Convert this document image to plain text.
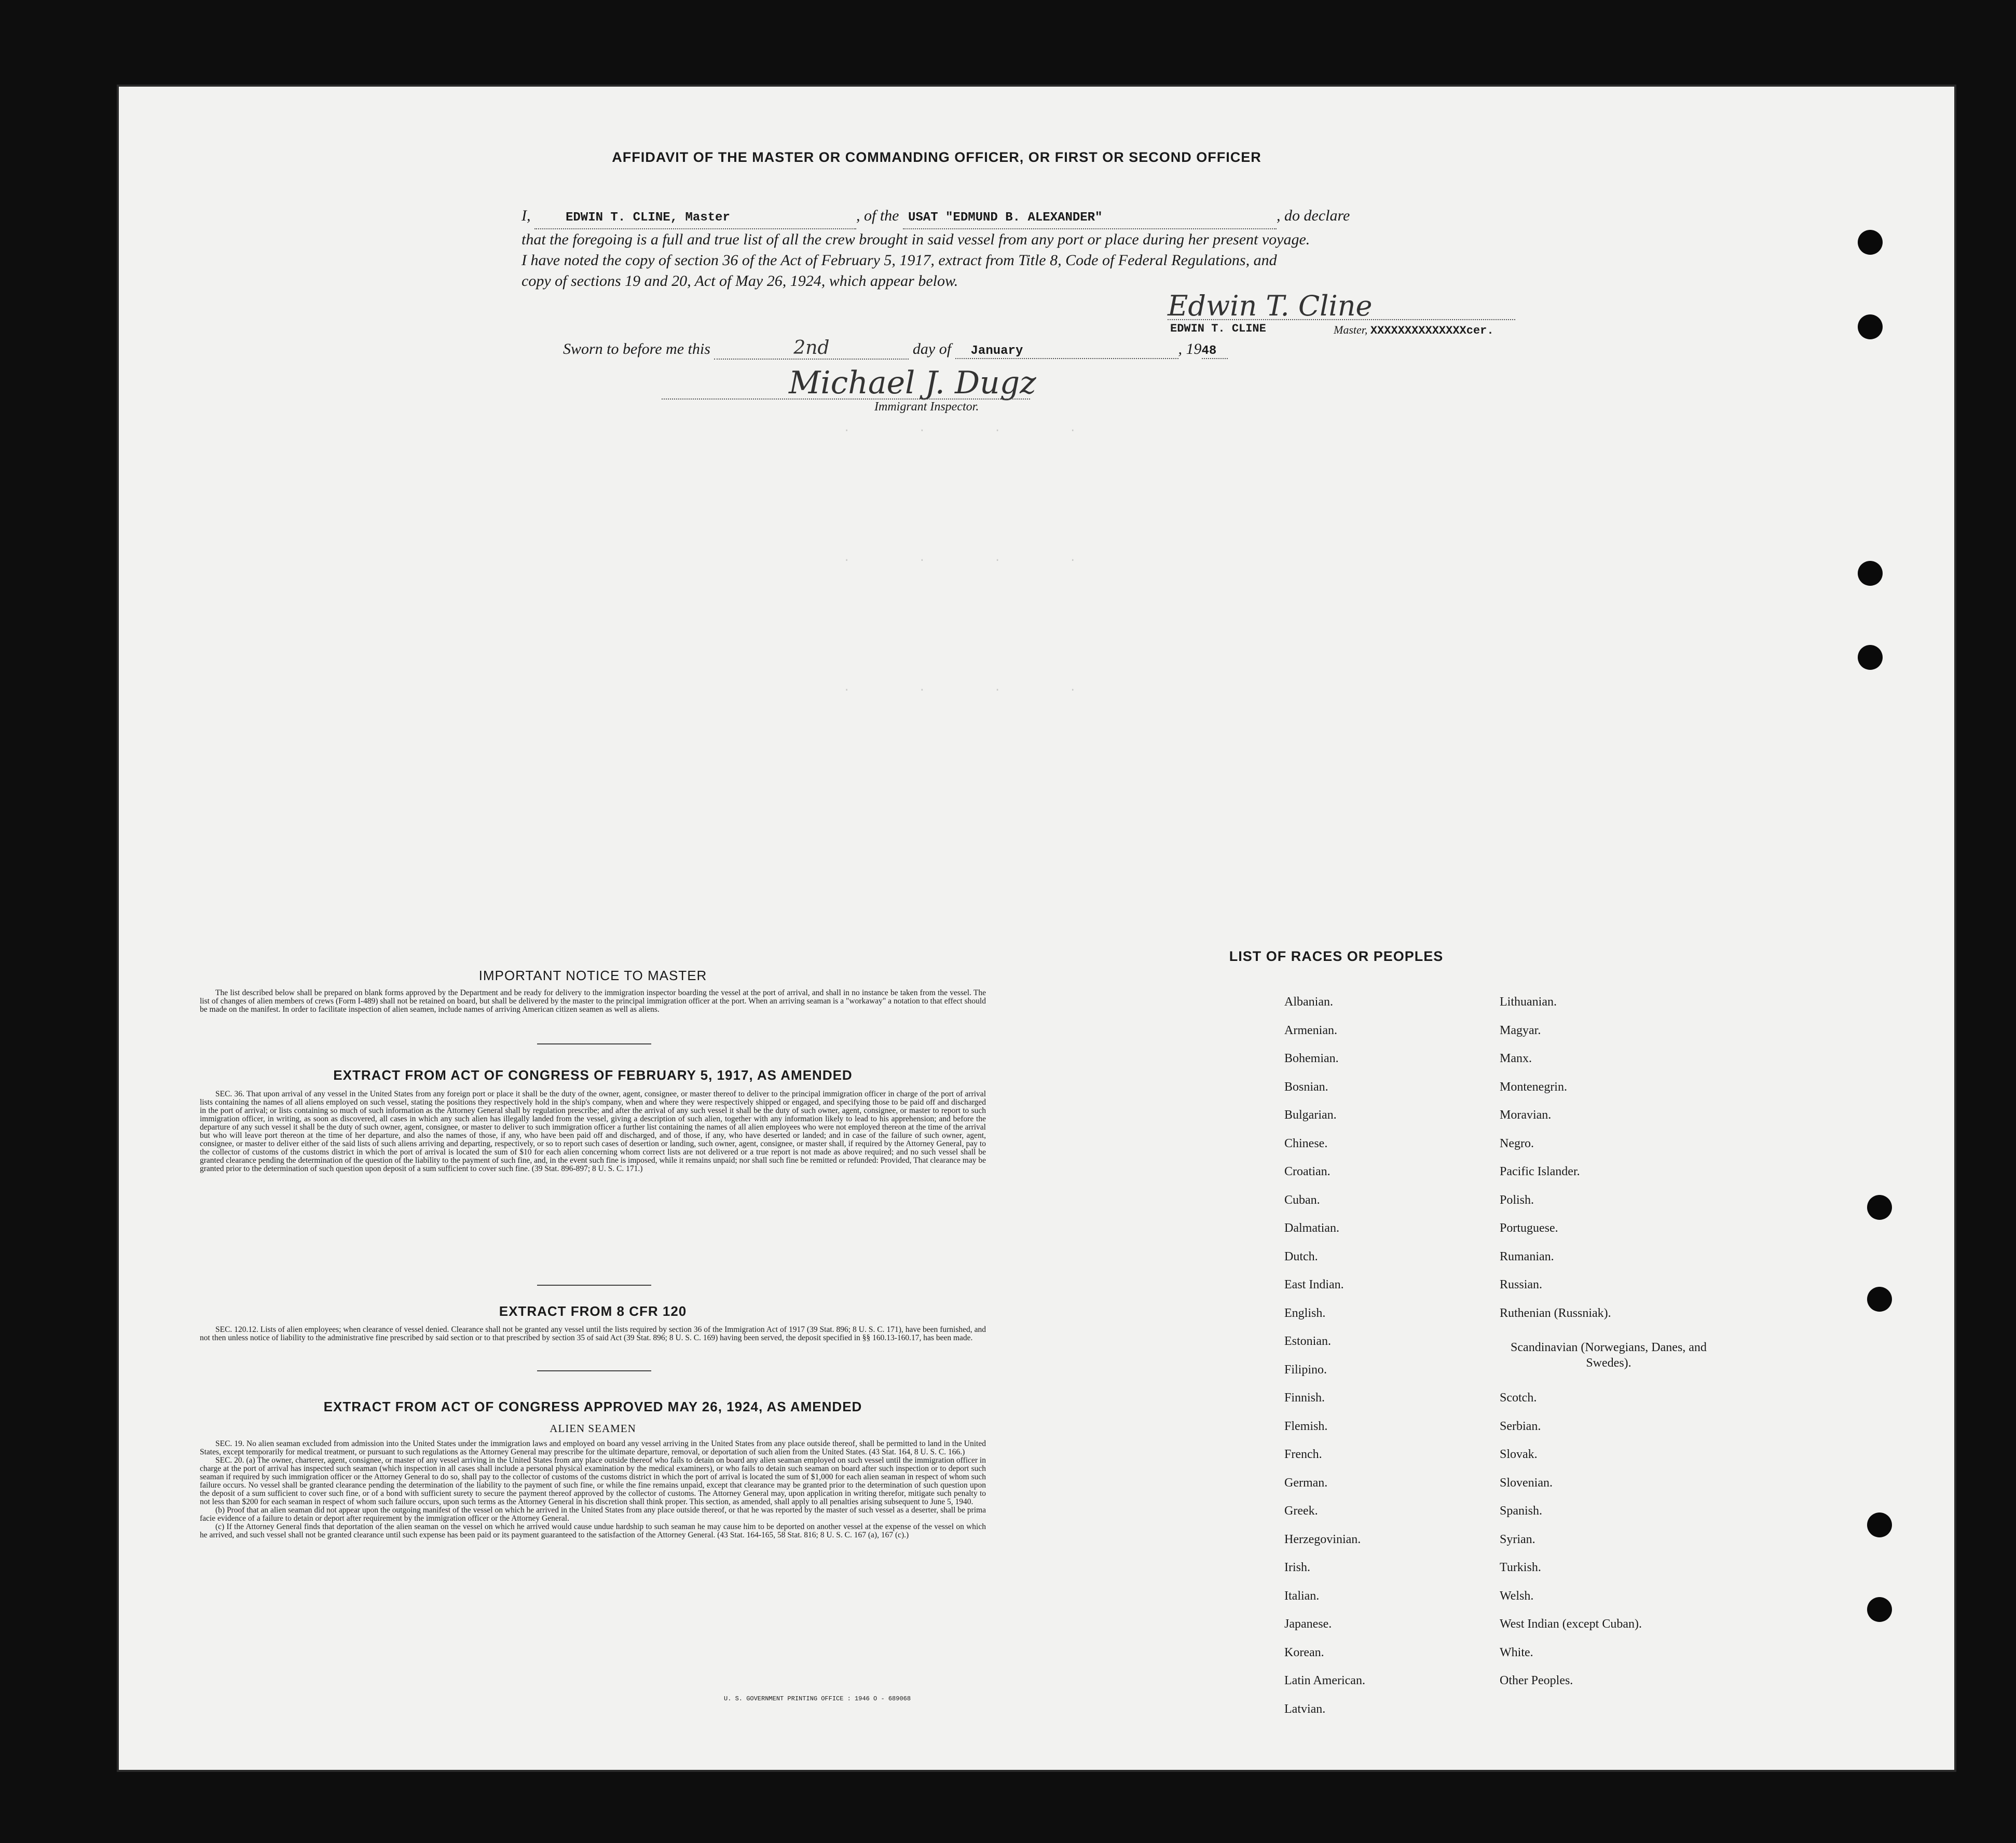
.          .          .          .
.          .          .          .
.          .          .          .
AFFIDAVIT OF THE MASTER OR COMMANDING OFFICER, OR FIRST OR SECOND OFFICER
I,	EDWIN T. CLINE, Master	, of the USAT "EDMUND B. ALEXANDER"	, do declare
that the foregoing is a full and true list of all the crew brought in said vessel from any port or place during her present voyage.
I have noted the copy of section 36 of the Act of February 5, 1917, extract from Title 8, Code of Federal Regulations, and
copy of sections 19 and 20, Act of May 26, 1924, which appear below.
Edwin T. Cline
EDWIN T. CLINE	Master, XXXXXXXXXXXXXXcer.
Sworn to before me this	2nd	day of January	, 1948
Michael J. Dugz
Immigrant Inspector.
IMPORTANT NOTICE TO MASTER

The list described below shall be prepared on blank forms approved by the Department and be ready for delivery to the immigration inspector boarding the vessel at the port of arrival, and shall in no instance be taken from the vessel. The list of changes of alien members of crews (Form I-489) shall not be retained on board, but shall be delivered by the master to the principal immigration officer at the port. When an arriving seaman is a "workaway" a notation to that effect should be made on the manifest. In order to facilitate inspection of alien seamen, include names of arriving American citizen seamen as well as aliens.

EXTRACT FROM ACT OF CONGRESS OF FEBRUARY 5, 1917, AS AMENDED

SEC. 36. That upon arrival of any vessel in the United States from any foreign port or place it shall be the duty of the owner, agent, consignee, or master thereof to deliver to the principal immigration officer in charge of the port of arrival lists containing the names of all aliens employed on such vessel, stating the positions they respectively hold in the ship's company, when and where they were respectively shipped or engaged, and specifying those to be paid off and discharged in the port of arrival; or lists containing so much of such information as the Attorney General shall by regulation prescribe; and after the arrival of any such vessel it shall be the duty of such owner, agent, consignee, or master to report to such immigration officer, in writing, as soon as discovered, all cases in which any such alien has illegally landed from the vessel, giving a description of such alien, together with any information likely to lead to his apprehension; and before the departure of any such vessel it shall be the duty of such owner, agent, consignee, or master to deliver to such immigration officer a further list containing the names of all alien employees who were not employed thereon at the time of the arrival but who will leave port thereon at the time of her departure, and also the names of those, if any, who have been paid off and discharged, and of those, if any, who have deserted or landed; and in case of the failure of such owner, agent, consignee, or master to deliver either of the said lists of such aliens arriving and departing, respectively, or so to report such cases of desertion or landing, such owner, agent, consignee, or master shall, if required by the Attorney General, pay to the collector of customs of the customs district in which the port of arrival is located the sum of $10 for each alien concerning whom correct lists are not delivered or a true report is not made as above required; and no such vessel shall be granted clearance pending the determination of the question of the liability to the payment of such fine, and, in the event such fine is imposed, while it remains unpaid; nor shall such fine be remitted or refunded: Provided, That clearance may be granted prior to the determination of such question upon deposit of a sum sufficient to cover such fine. (39 Stat. 896-897; 8 U. S. C. 171.)

EXTRACT FROM 8 CFR 120

SEC. 120.12. Lists of alien employees; when clearance of vessel denied. Clearance shall not be granted any vessel until the lists required by section 36 of the Immigration Act of 1917 (39 Stat. 896; 8 U. S. C. 171), have been furnished, and not then unless notice of liability to the administrative fine prescribed by said section or to that prescribed by section 35 of said Act (39 Stat. 896; 8 U. S. C. 169) having been served, the deposit specified in §§ 160.13-160.17, has been made.

EXTRACT FROM ACT OF CONGRESS APPROVED MAY 26, 1924, AS AMENDED
ALIEN SEAMEN

SEC. 19. No alien seaman excluded from admission into the United States under the immigration laws and employed on board any vessel arriving in the United States from any place outside thereof, shall be permitted to land in the United States, except temporarily for medical treatment, or pursuant to such regulations as the Attorney General may prescribe for the ultimate departure, removal, or deportation of such alien from the United States. (43 Stat. 164, 8 U. S. C. 166.)

SEC. 20. (a) The owner, charterer, agent, consignee, or master of any vessel arriving in the United States from any place outside thereof who fails to detain on board any alien seaman employed on such vessel until the immigration officer in charge at the port of arrival has inspected such seaman (which inspection in all cases shall include a personal physical examination by the medical examiners), or who fails to detain such seaman on board after such inspection or to deport such seaman if required by such immigration officer or the Attorney General to do so, shall pay to the collector of customs of the customs district in which the port of arrival is located the sum of $1,000 for each alien seaman in respect of whom such failure occurs. No vessel shall be granted clearance pending the determination of the liability to the payment of such fine, or while the fine remains unpaid, except that clearance may be granted prior to the determination of such question upon the deposit of a sum sufficient to cover such fine, or of a bond with sufficient surety to secure the payment thereof approved by the collector of customs. The Attorney General may, upon application in writing therefor, mitigate such penalty to not less than $200 for each seaman in respect of whom such failure occurs, upon such terms as the Attorney General in his discretion shall think proper. This section, as amended, shall apply to all penalties arising subsequent to June 5, 1940.

(b) Proof that an alien seaman did not appear upon the outgoing manifest of the vessel on which he arrived in the United States from any place outside thereof, or that he was reported by the master of such vessel as a deserter, shall be prima facie evidence of a failure to detain or deport after requirement by the immigration officer or the Attorney General.

(c) If the Attorney General finds that deportation of the alien seaman on the vessel on which he arrived would cause undue hardship to such seaman he may cause him to be deported on another vessel at the expense of the vessel on which he arrived, and such vessel shall not be granted clearance until such expense has been paid or its payment guaranteed to the satisfaction of the Attorney General. (43 Stat. 164-165, 58 Stat. 816; 8 U. S. C. 167 (a), 167 (c).)

U. S. GOVERNMENT PRINTING OFFICE : 1946 O - 689068
LIST OF RACES OR PEOPLES
Albanian.
Armenian.
Bohemian.
Bosnian.
Bulgarian.
Chinese.
Croatian.
Cuban.
Dalmatian.
Dutch.
East Indian.
English.
Estonian.
Filipino.
Finnish.
Flemish.
French.
German.
Greek.
Herzegovinian.
Irish.
Italian.
Japanese.
Korean.
Latin American.
Latvian.
Lithuanian.
Magyar.
Manx.
Montenegrin.
Moravian.
Negro.
Pacific Islander.
Polish.
Portuguese.
Rumanian.
Russian.
Ruthenian (Russniak).
Scandinavian (Norwegians, Danes, and Swedes).
Scotch.
Serbian.
Slovak.
Slovenian.
Spanish.
Syrian.
Turkish.
Welsh.
West Indian (except Cuban).
White.
Other Peoples.
